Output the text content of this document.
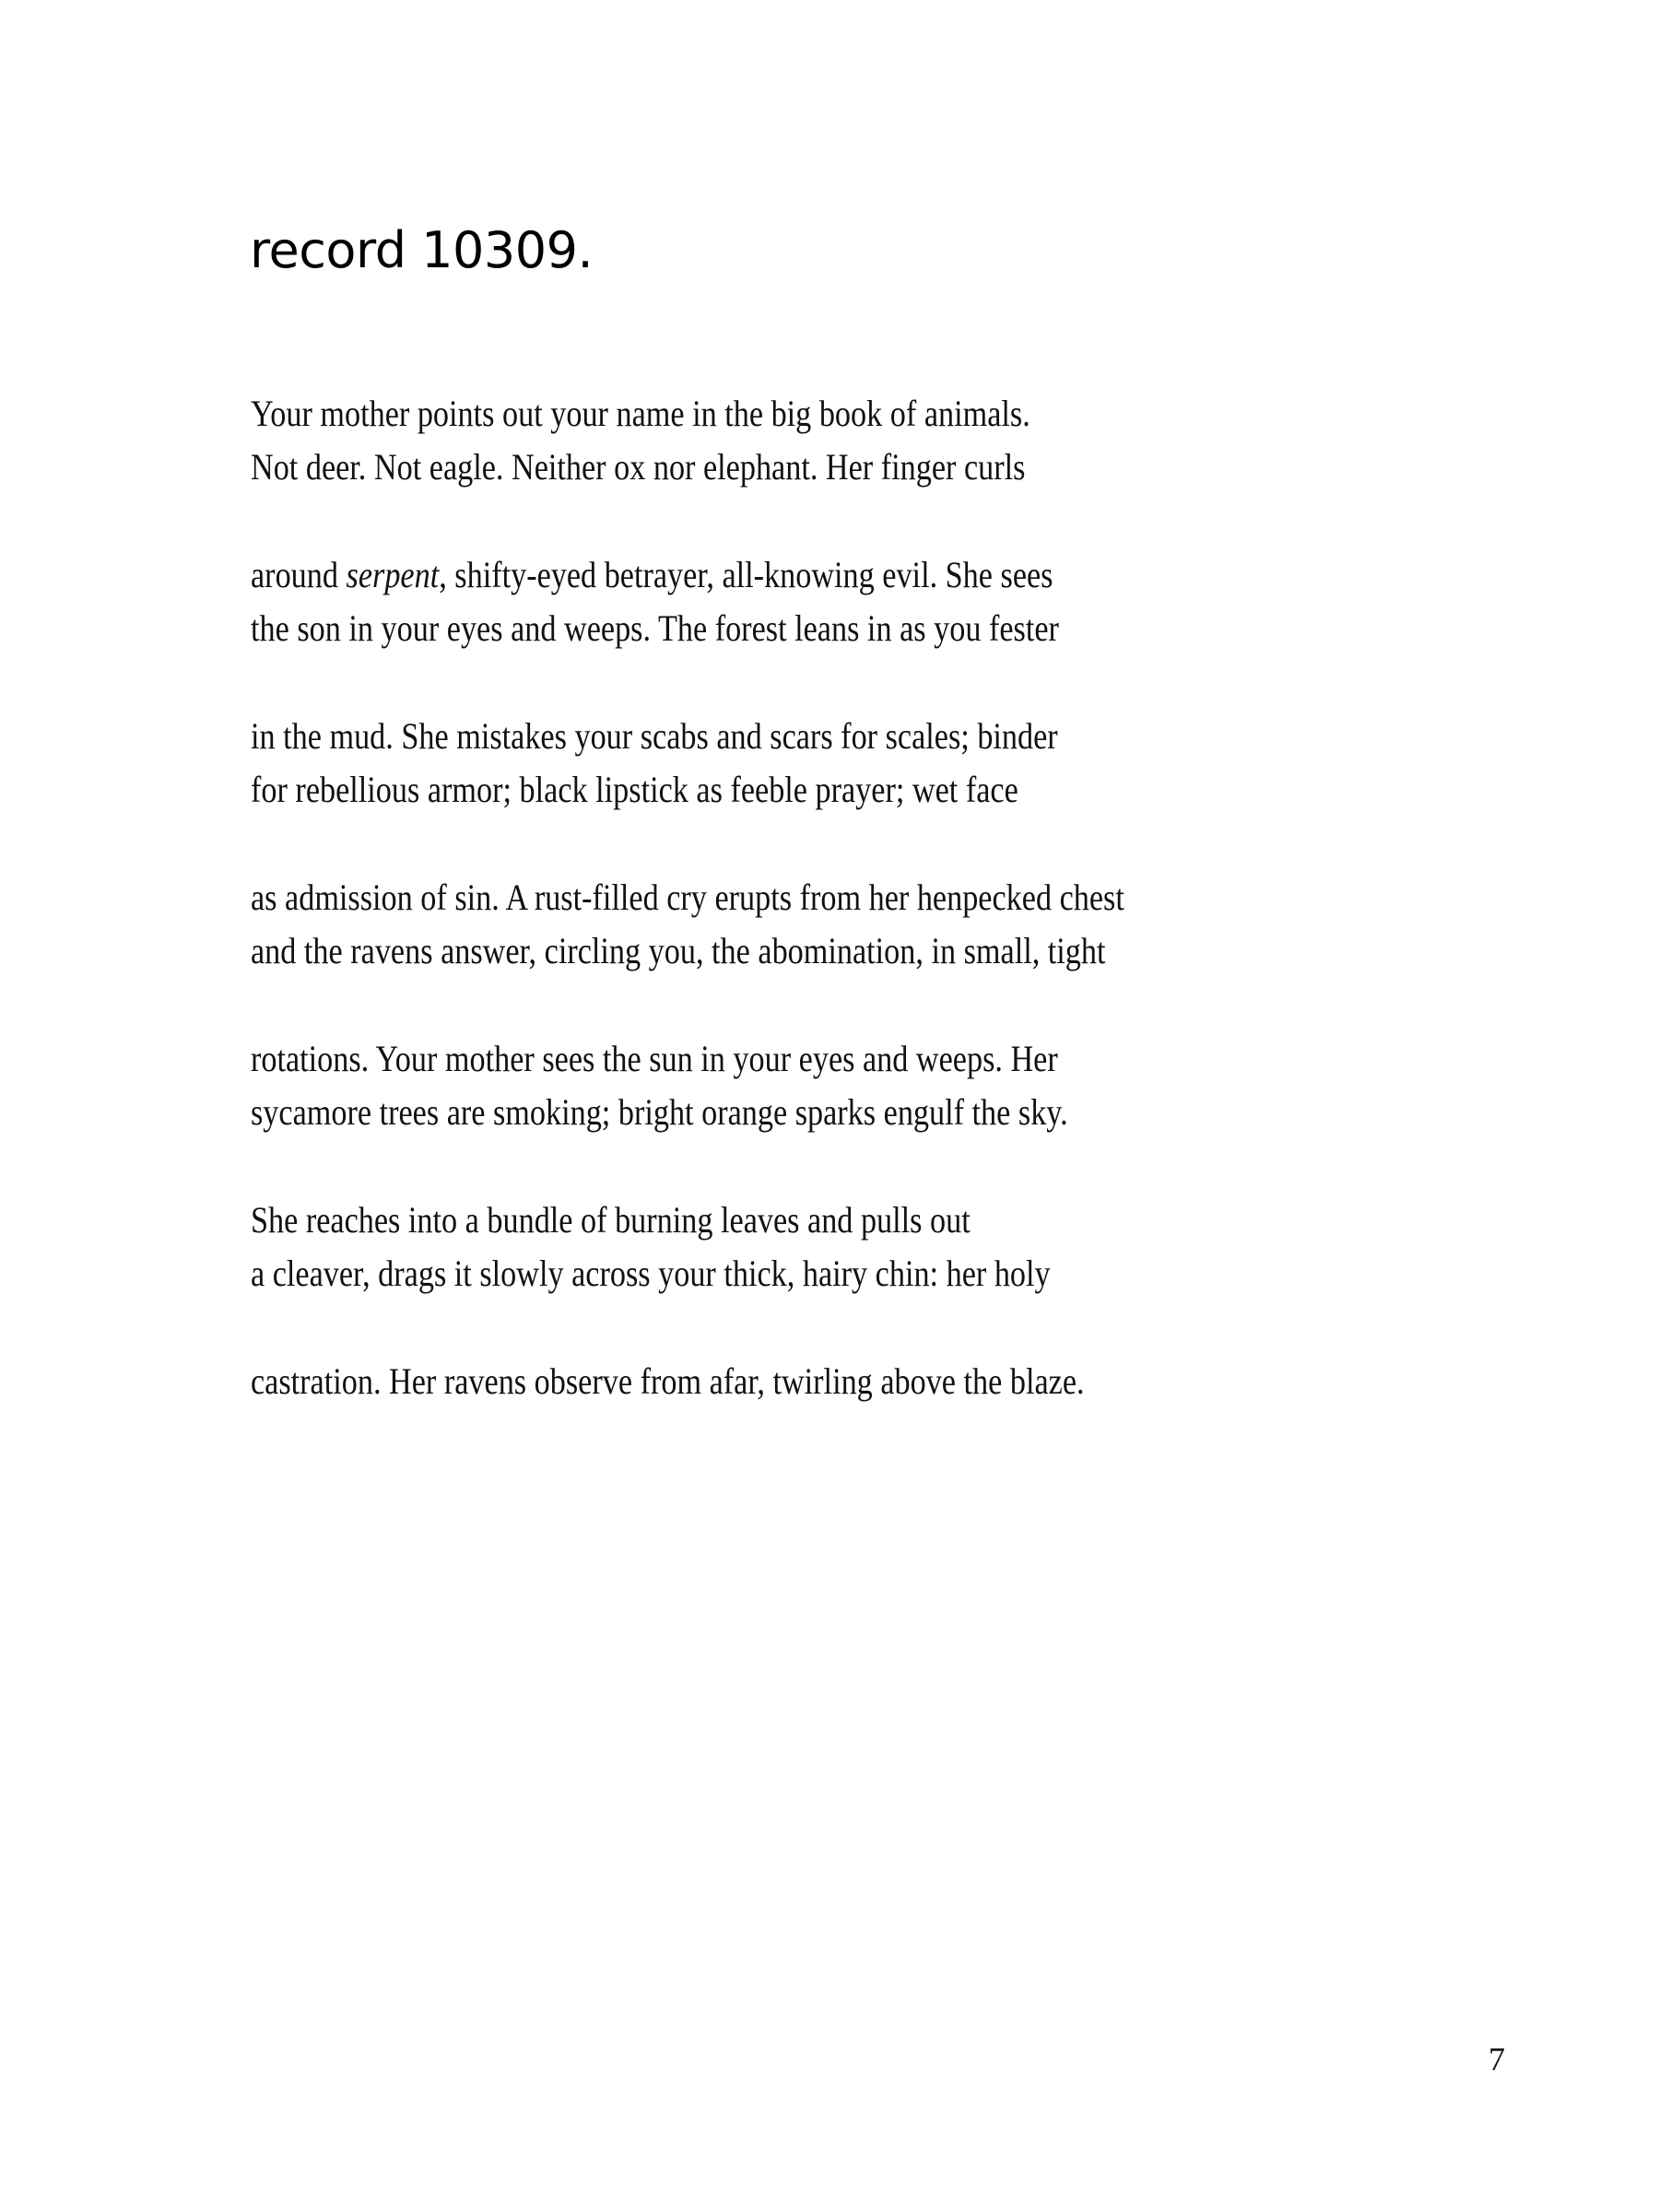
record 10309.
Your mother points out your name in the big book of animals.
Not deer. Not eagle. Neither ox nor elephant. Her finger curls
around serpent, shifty-eyed betrayer, all-knowing evil. She sees
the son in your eyes and weeps. The forest leans in as you fester
in the mud. She mistakes your scabs and scars for scales; binder
for rebellious armor; black lipstick as feeble prayer; wet face
as admission of sin. A rust-filled cry erupts from her henpecked chest
and the ravens answer, circling you, the abomination, in small, tight
rotations. Your mother sees the sun in your eyes and weeps. Her
sycamore trees are smoking; bright orange sparks engulf the sky.
She reaches into a bundle of burning leaves and pulls out
a cleaver, drags it slowly across your thick, hairy chin: her holy
castration. Her ravens observe from afar, twirling above the blaze.
7
